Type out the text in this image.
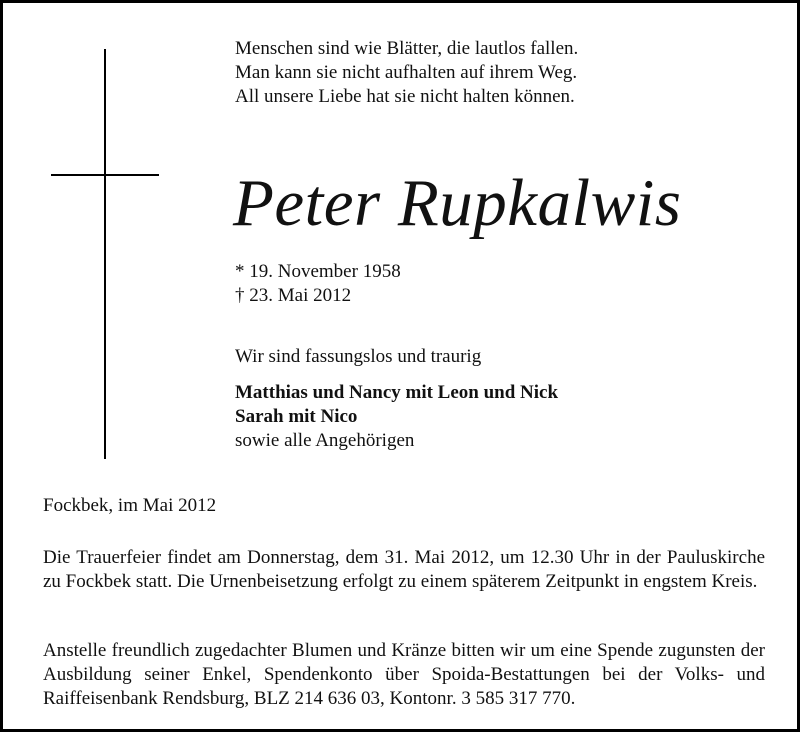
Menschen sind wie Blätter, die lautlos fallen.
Man kann sie nicht aufhalten auf ihrem Weg.
All unsere Liebe hat sie nicht halten können.
Peter Rupkalwis
* 19. November 1958
† 23. Mai 2012
Wir sind fassungslos und traurig
Matthias und Nancy mit Leon und Nick
Sarah mit Nico
sowie alle Angehörigen
Fockbek, im Mai 2012
Die Trauerfeier findet am Donnerstag, dem 31. Mai 2012, um 12.30 Uhr in der Pauluskirche zu Fockbek statt. Die Urnenbeisetzung erfolgt zu einem späterem Zeitpunkt in engstem Kreis.
Anstelle freundlich zugedachter Blumen und Kränze bitten wir um eine Spende zugunsten der Ausbildung seiner Enkel, Spendenkonto über Spoida-Bestattungen bei der Volks- und Raiffeisenbank Rendsburg, BLZ 214 636 03, Kontonr. 3 585 317 770.
